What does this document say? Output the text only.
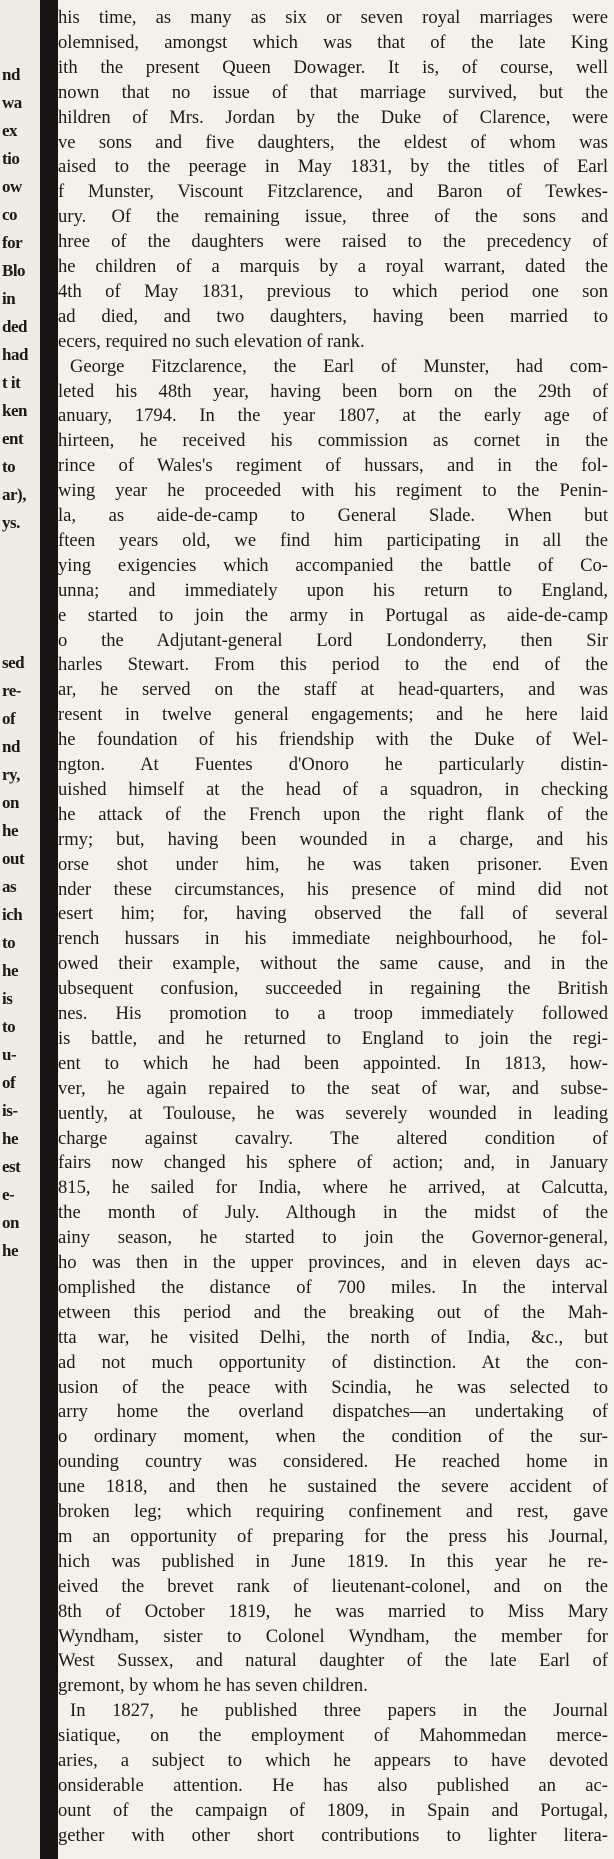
nd
wa
ex
tio
ow
co
for
Blo
in
ded
had
t it
ken
ent
to
ar),
ys.
sed
re-
of
nd
ry,
on
he
out
as
ich
to
he
is
to
u-
of
is-
he
est
e-
on
he
his time, as many as six or seven royal marriages were
olemnised, amongst which was that of the late King
ith the present Queen Dowager. It is, of course, well
nown that no issue of that marriage survived, but the
hildren of Mrs. Jordan by the Duke of Clarence, were
ve sons and five daughters, the eldest of whom was
aised to the peerage in May 1831, by the titles of Earl
f Munster, Viscount Fitzclarence, and Baron of Tewkes-
ury. Of the remaining issue, three of the sons and
hree of the daughters were raised to the precedency of
he children of a marquis by a royal warrant, dated the
4th of May 1831, previous to which period one son
ad died, and two daughters, having been married to
ecers, required no such elevation of rank.
George Fitzclarence, the Earl of Munster, had com-
leted his 48th year, having been born on the 29th of
anuary, 1794. In the year 1807, at the early age of
hirteen, he received his commission as cornet in the
rince of Wales's regiment of hussars, and in the fol-
wing year he proceeded with his regiment to the Penin-
la, as aide-de-camp to General Slade. When but
fteen years old, we find him participating in all the
ying exigencies which accompanied the battle of Co-
unna; and immediately upon his return to England,
e started to join the army in Portugal as aide-de-camp
o the Adjutant-general Lord Londonderry, then Sir
harles Stewart. From this period to the end of the
ar, he served on the staff at head-quarters, and was
resent in twelve general engagements; and he here laid
he foundation of his friendship with the Duke of Wel-
ngton. At Fuentes d'Onoro he particularly distin-
uished himself at the head of a squadron, in checking
he attack of the French upon the right flank of the
rmy; but, having been wounded in a charge, and his
orse shot under him, he was taken prisoner. Even
nder these circumstances, his presence of mind did not
esert him; for, having observed the fall of several
rench hussars in his immediate neighbourhood, he fol-
owed their example, without the same cause, and in the
ubsequent confusion, succeeded in regaining the British
nes. His promotion to a troop immediately followed
is battle, and he returned to England to join the regi-
ent to which he had been appointed. In 1813, how-
ver, he again repaired to the seat of war, and subse-
uently, at Toulouse, he was severely wounded in leading
charge against cavalry. The altered condition of
fairs now changed his sphere of action; and, in January
815, he sailed for India, where he arrived, at Calcutta,
the month of July. Although in the midst of the
ainy season, he started to join the Governor-general,
ho was then in the upper provinces, and in eleven days ac-
omplished the distance of 700 miles. In the interval
etween this period and the breaking out of the Mah-
tta war, he visited Delhi, the north of India, &c., but
ad not much opportunity of distinction. At the con-
usion of the peace with Scindia, he was selected to
arry home the overland dispatches—an undertaking of
o ordinary moment, when the condition of the sur-
ounding country was considered. He reached home in
une 1818, and then he sustained the severe accident of
broken leg; which requiring confinement and rest, gave
m an opportunity of preparing for the press his Journal,
hich was published in June 1819. In this year he re-
eived the brevet rank of lieutenant-colonel, and on the
8th of October 1819, he was married to Miss Mary
Wyndham, sister to Colonel Wyndham, the member for
West Sussex, and natural daughter of the late Earl of
gremont, by whom he has seven children.
In 1827, he published three papers in the Journal
siatique, on the employment of Mahommedan merce-
aries, a subject to which he appears to have devoted
onsiderable attention. He has also published an ac-
ount of the campaign of 1809, in Spain and Portugal,
gether with other short contributions to lighter litera-
